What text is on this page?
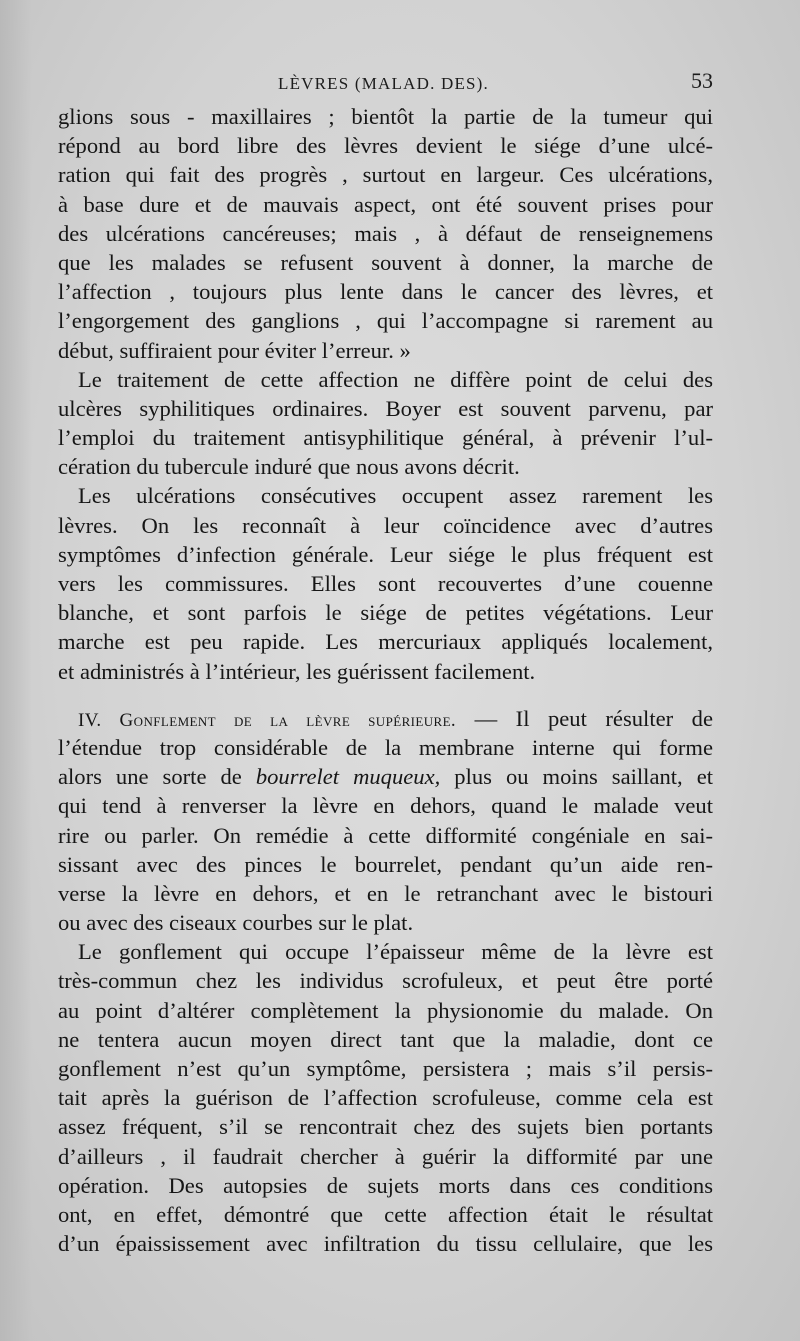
LÈVRES (MALAD. DES).	53
glions sous - maxillaires ; bientôt la partie de la tumeur qui
répond au bord libre des lèvres devient le siége d’une ulcé-
ration qui fait des progrès , surtout en largeur. Ces ulcérations,
à base dure et de mauvais aspect, ont été souvent prises pour
des ulcérations cancéreuses; mais , à défaut de renseignemens
que les malades se refusent souvent à donner, la marche de
l’affection , toujours plus lente dans le cancer des lèvres, et
l’engorgement des ganglions , qui l’accompagne si rarement au
début, suffiraient pour éviter l’erreur. »
Le traitement de cette affection ne diffère point de celui des
ulcères syphilitiques ordinaires. Boyer est souvent parvenu, par
l’emploi du traitement antisyphilitique général, à prévenir l’ul-
cération du tubercule induré que nous avons décrit.
Les ulcérations consécutives occupent assez rarement les
lèvres. On les reconnaît à leur coïncidence avec d’autres
symptômes d’infection générale. Leur siége le plus fréquent est
vers les commissures. Elles sont recouvertes d’une couenne
blanche, et sont parfois le siége de petites végétations. Leur
marche est peu rapide. Les mercuriaux appliqués localement,
et administrés à l’intérieur, les guérissent facilement.
IV. Gonflement de la lèvre supérieure. — Il peut résulter de
l’étendue trop considérable de la membrane interne qui forme
alors une sorte de bourrelet muqueux, plus ou moins saillant, et
qui tend à renverser la lèvre en dehors, quand le malade veut
rire ou parler. On remédie à cette difformité congéniale en sai-
sissant avec des pinces le bourrelet, pendant qu’un aide ren-
verse la lèvre en dehors, et en le retranchant avec le bistouri
ou avec des ciseaux courbes sur le plat.
Le gonflement qui occupe l’épaisseur même de la lèvre est
très-commun chez les individus scrofuleux, et peut être porté
au point d’altérer complètement la physionomie du malade. On
ne tentera aucun moyen direct tant que la maladie, dont ce
gonflement n’est qu’un symptôme, persistera ; mais s’il persis-
tait après la guérison de l’affection scrofuleuse, comme cela est
assez fréquent, s’il se rencontrait chez des sujets bien portants
d’ailleurs , il faudrait chercher à guérir la difformité par une
opération. Des autopsies de sujets morts dans ces conditions
ont, en effet, démontré que cette affection était le résultat
d’un épaississement avec infiltration du tissu cellulaire, que les
